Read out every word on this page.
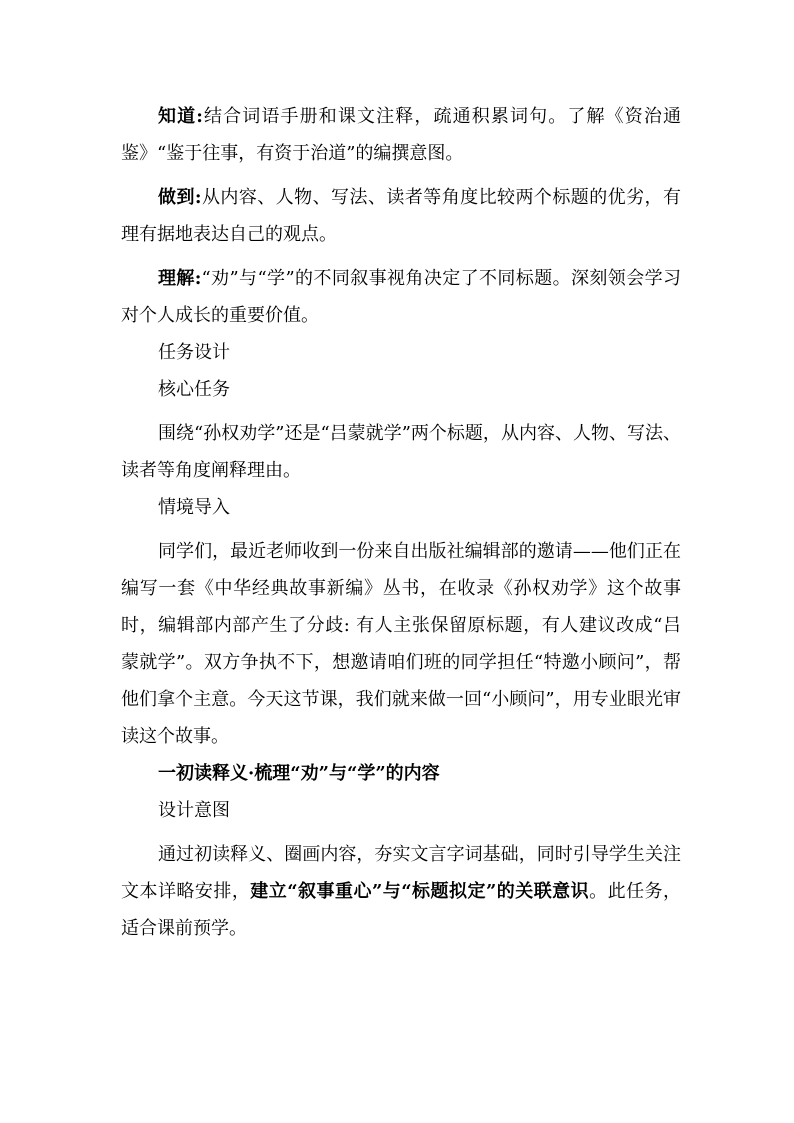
知道:结合词语手册和课文注释，疏通积累词句。了解《资治通鉴》“鉴于往事，有资于治道”的编撰意图。

做到:从内容、人物、写法、读者等角度比较两个标题的优劣，有理有据地表达自己的观点。

理解:“劝”与“学”的不同叙事视角决定了不同标题。深刻领会学习对个人成长的重要价值。

任务设计

核心任务

围绕“孙权劝学”还是“吕蒙就学”两个标题，从内容、人物、写法、读者等角度阐释理由。

情境导入

同学们，最近老师收到一份来自出版社编辑部的邀请——他们正在编写一套《中华经典故事新编》丛书，在收录《孙权劝学》这个故事时，编辑部内部产生了分歧: 有人主张保留原标题，有人建议改成“吕蒙就学”。双方争执不下，想邀请咱们班的同学担任“特邀小顾问”，帮他们拿个主意。今天这节课，我们就来做一回“小顾问”，用专业眼光审读这个故事。

一初读释义·梳理“劝”与“学”的内容

设计意图

通过初读释义、圈画内容，夯实文言字词基础，同时引导学生关注文本详略安排，建立“叙事重心”与“标题拟定”的关联意识。此任务，适合课前预学。
